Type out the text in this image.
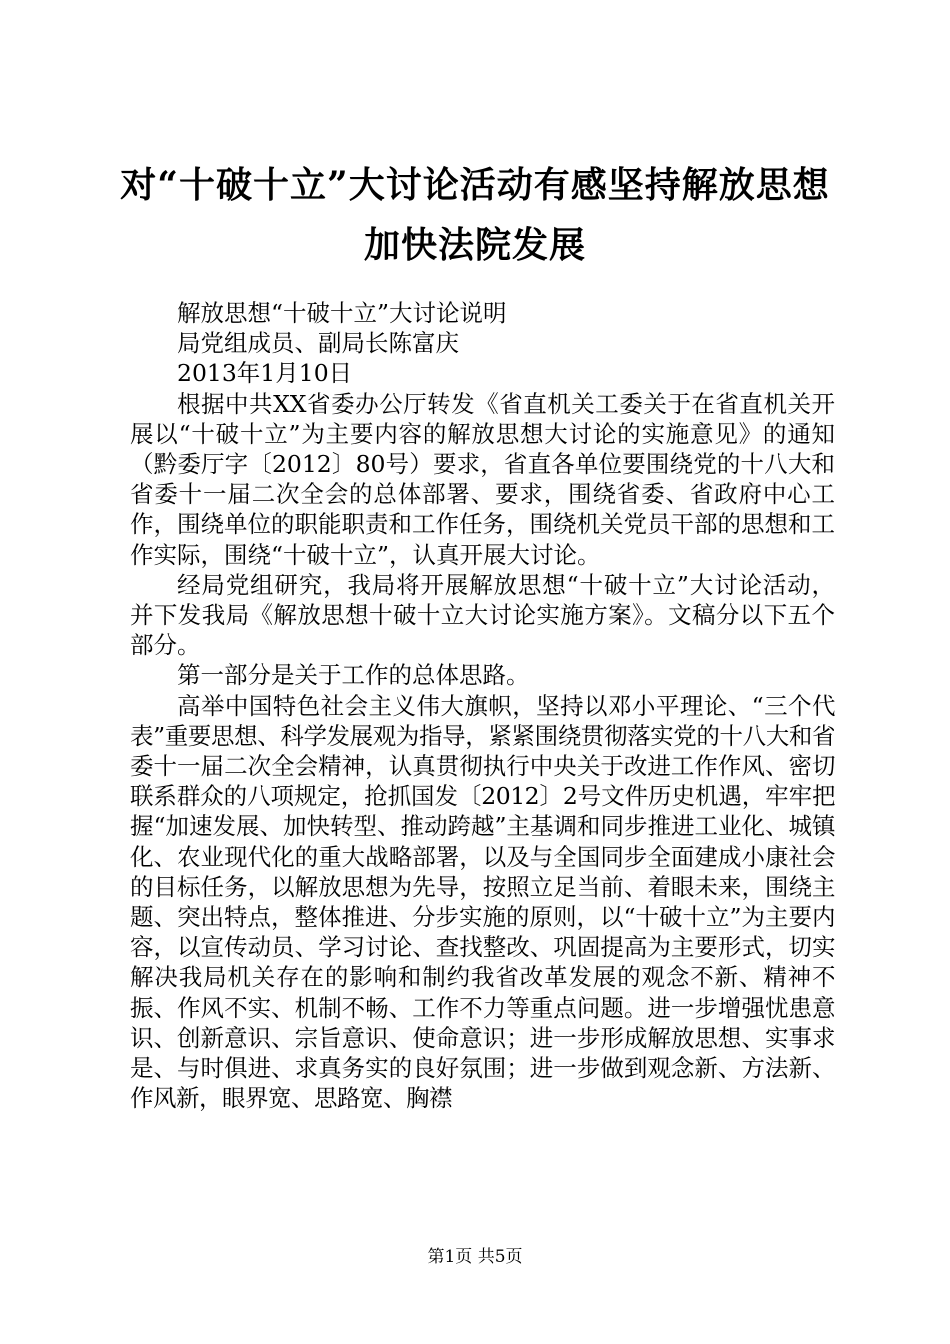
对“十破十立”大讨论活动有感坚持解放思想
加快法院发展

解放思想“十破十立”大讨论说明

局党组成员、副局长陈富庆

2013年1月10日

根据中共XX省委办公厅转发《省直机关工委关于在省直机关开展以“十破十立”为主要内容的解放思想大讨论的实施意见》的通知（黔委厅字〔2012〕80号）要求，省直各单位要围绕党的十八大和省委十一届二次全会的总体部署、要求，围绕省委、省政府中心工作，围绕单位的职能职责和工作任务，围绕机关党员干部的思想和工作实际，围绕“十破十立”，认真开展大讨论。

经局党组研究，我局将开展解放思想“十破十立”大讨论活动，并下发我局《解放思想十破十立大讨论实施方案》。文稿分以下五个部分。

第一部分是关于工作的总体思路。

高举中国特色社会主义伟大旗帜，坚持以邓小平理论、“三个代表”重要思想、科学发展观为指导，紧紧围绕贯彻落实党的十八大和省委十一届二次全会精神，认真贯彻执行中央关于改进工作作风、密切联系群众的八项规定，抢抓国发〔2012〕2号文件历史机遇，牢牢把握“加速发展、加快转型、推动跨越”主基调和同步推进工业化、城镇化、农业现代化的重大战略部署，以及与全国同步全面建成小康社会的目标任务，以解放思想为先导，按照立足当前、着眼未来，围绕主题、突出特点，整体推进、分步实施的原则，以“十破十立”为主要内容，以宣传动员、学习讨论、查找整改、巩固提高为主要形式，切实解决我局机关存在的影响和制约我省改革发展的观念不新、精神不振、作风不实、机制不畅、工作不力等重点问题。进一步增强忧患意识、创新意识、宗旨意识、使命意识；进一步形成解放思想、实事求是、与时俱进、求真务实的良好氛围；进一步做到观念新、方法新、作风新，眼界宽、思路宽、胸襟

第1页 共5页
